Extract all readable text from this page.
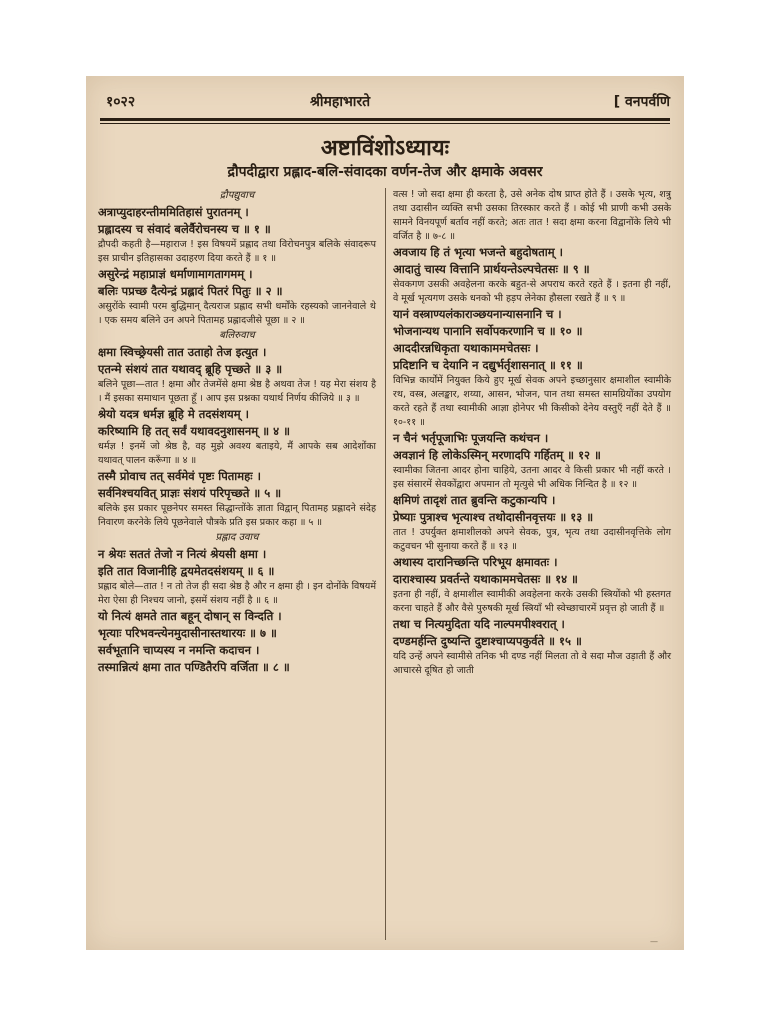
१०२२	श्रीमहाभारते	[ वनपर्वणि
अष्टाविंशोऽध्यायः
द्रौपदीद्वारा प्रह्लाद-बलि-संवादका वर्णन-तेज और क्षमाके अवसर
द्रौपद्युवाच
अत्राप्युदाहरन्तीममितिहासं पुरातनम् ।
प्रह्लादस्य च संवादं बलेर्वैरोचनस्य च ॥ १ ॥
द्रौपदी कहती है—महाराज ! इस विषयमें प्रह्लाद तथा विरोचनपुत्र बलिके संवादरूप इस प्राचीन इतिहासका उदाहरण दिया करते हैं ॥ १ ॥
असुरेन्द्रं महाप्राज्ञं धर्माणामागतागमम् ।
बलिः पप्रच्छ दैत्येन्द्रं प्रह्लादं पितरं पितुः ॥ २ ॥
असुरोंके स्वामी परम बुद्धिमान् दैत्यराज प्रह्लाद सभी धर्मोंके रहस्यको जाननेवाले थे । एक समय बलिने उन अपने पितामह प्रह्लादजीसे पूछा ॥ २ ॥
बलिरुवाच
क्षमा स्विच्छ्रेयसी तात उताहो तेज इत्युत ।
एतन्मे संशयं तात यथावद् ब्रूहि पृच्छते ॥ ३ ॥
बलिने पूछा—तात ! क्षमा और तेजमेंसे क्षमा श्रेष्ठ है अथवा तेज ! यह मेरा संशय है । मैं इसका समाधान पूछता हूँ । आप इस प्रश्नका यथार्थ निर्णय कीजिये ॥ ३ ॥
श्रेयो यदत्र धर्मज्ञ ब्रूहि मे तदसंशयम् ।
करिष्यामि हि तत् सर्वं यथावदनुशासनम् ॥ ४ ॥
धर्मज्ञ ! इनमें जो श्रेष्ठ है, वह मुझे अवश्य बताइये, मैं आपके सब आदेशोंका यथावत् पालन करूँगा ॥ ४ ॥
तस्मै प्रोवाच तत् सर्वमेवं पृष्टः पितामहः ।
सर्वनिश्चयवित् प्राज्ञः संशयं परिपृच्छते ॥ ५ ॥
बलिके इस प्रकार पूछनेपर समस्त सिद्धान्तोंके ज्ञाता विद्वान् पितामह प्रह्लादने संदेह निवारण करनेके लिये पूछनेवाले पौत्रके प्रति इस प्रकार कहा ॥ ५ ॥
प्रह्लाद उवाच
न श्रेयः सततं तेजो न नित्यं श्रेयसी क्षमा ।
इति तात विजानीहि द्वयमेतदसंशयम् ॥ ६ ॥
प्रह्लाद बोले—तात ! न तो तेज ही सदा श्रेष्ठ है और न क्षमा ही । इन दोनोंके विषयमें मेरा ऐसा ही निश्चय जानो, इसमें संशय नहीं है ॥ ६ ॥
यो नित्यं क्षमते तात बहून् दोषान् स विन्दति ।
भृत्याः परिभवन्त्येनमुदासीनास्तथारयः ॥ ७ ॥
सर्वभूतानि चाप्यस्य न नमन्ति कदाचन ।
तस्मान्नित्यं क्षमा तात पण्डितैरपि वर्जिता ॥ ८ ॥
वत्स ! जो सदा क्षमा ही करता है, उसे अनेक दोष प्राप्त होते हैं । उसके भृत्य, शत्रु तथा उदासीन व्यक्ति सभी उसका तिरस्कार करते हैं । कोई भी प्राणी कभी उसके सामने विनयपूर्ण बर्ताव नहीं करते; अतः तात ! सदा क्षमा करना विद्वानोंके लिये भी वर्जित है ॥ ७-८ ॥
अवजाय हि तं भृत्या भजन्ते बहुदोषताम् ।
आदातुं चास्य वित्तानि प्रार्थयन्तेऽल्पचेतसः ॥ ९ ॥
सेवकगण उसकी अवहेलना करके बहुत-से अपराध करते रहते हैं । इतना ही नहीं, वे मूर्ख भृत्यगण उसके धनको भी हड़प लेनेका हौसला रखते हैं ॥ ९ ॥
यानं वस्त्राण्यलंकाराञ्छयनान्यासनानि च ।
भोजनान्यथ पानानि सर्वोपकरणानि च ॥ १० ॥
आददीरन्नधिकृता यथाकाममचेतसः ।
प्रदिष्टानि च देयानि न दद्युर्भर्तृशासनात् ॥ ११ ॥
विभिन्न कार्योंमें नियुक्त किये हुए मूर्ख सेवक अपने इच्छानुसार क्षमाशील स्वामीके रथ, वस्त्र, अलङ्कार, शय्या, आसन, भोजन, पान तथा समस्त सामग्रियोंका उपयोग करते रहते हैं तथा स्वामीकी आज्ञा होनेपर भी किसीको देनेय वस्तुएँ नहीं देते हैं ॥ १०-११ ॥
न चैनं भर्तृपूजाभिः पूजयन्ति कथंचन ।
अवज्ञानं हि लोकेऽस्मिन् मरणादपि गर्हितम् ॥ १२ ॥
स्वामीका जितना आदर होना चाहिये, उतना आदर वे किसी प्रकार भी नहीं करते । इस संसारमें सेवकोंद्वारा अपमान तो मृत्युसे भी अधिक निन्दित है ॥ १२ ॥
क्षमिणं तादृशं तात ब्रुवन्ति कटुकान्यपि ।
प्रेष्याः पुत्राश्च भृत्याश्च तथोदासीनवृत्तयः ॥ १३ ॥
तात ! उपर्युक्त क्षमाशीलको अपने सेवक, पुत्र, भृत्य तथा उदासीनवृत्तिके लोग कटुवचन भी सुनाया करते हैं ॥ १३ ॥
अथास्य दारानिच्छन्ति परिभूय क्षमावतः ।
दाराश्चास्य प्रवर्तन्ते यथाकाममचेतसः ॥ १४ ॥
इतना ही नहीं, वे क्षमाशील स्वामीकी अवहेलना करके उसकी स्त्रियोंको भी हस्तगत करना चाहते हैं और वैसे पुरुषकी मूर्ख स्त्रियाँ भी स्वेच्छाचारमें प्रवृत्त हो जाती हैं ॥
तथा च नित्यमुदिता यदि नाल्पमपीश्वरात् ।
दण्डमर्हन्ति दुष्यन्ति दुष्टाश्चाप्यपकुर्वते ॥ १५ ॥
यदि उन्हें अपने स्वामीसे तनिक भी दण्ड नहीं मिलता तो वे सदा मौज उड़ाती हैं और आचारसे दूषित हो जाती
—
